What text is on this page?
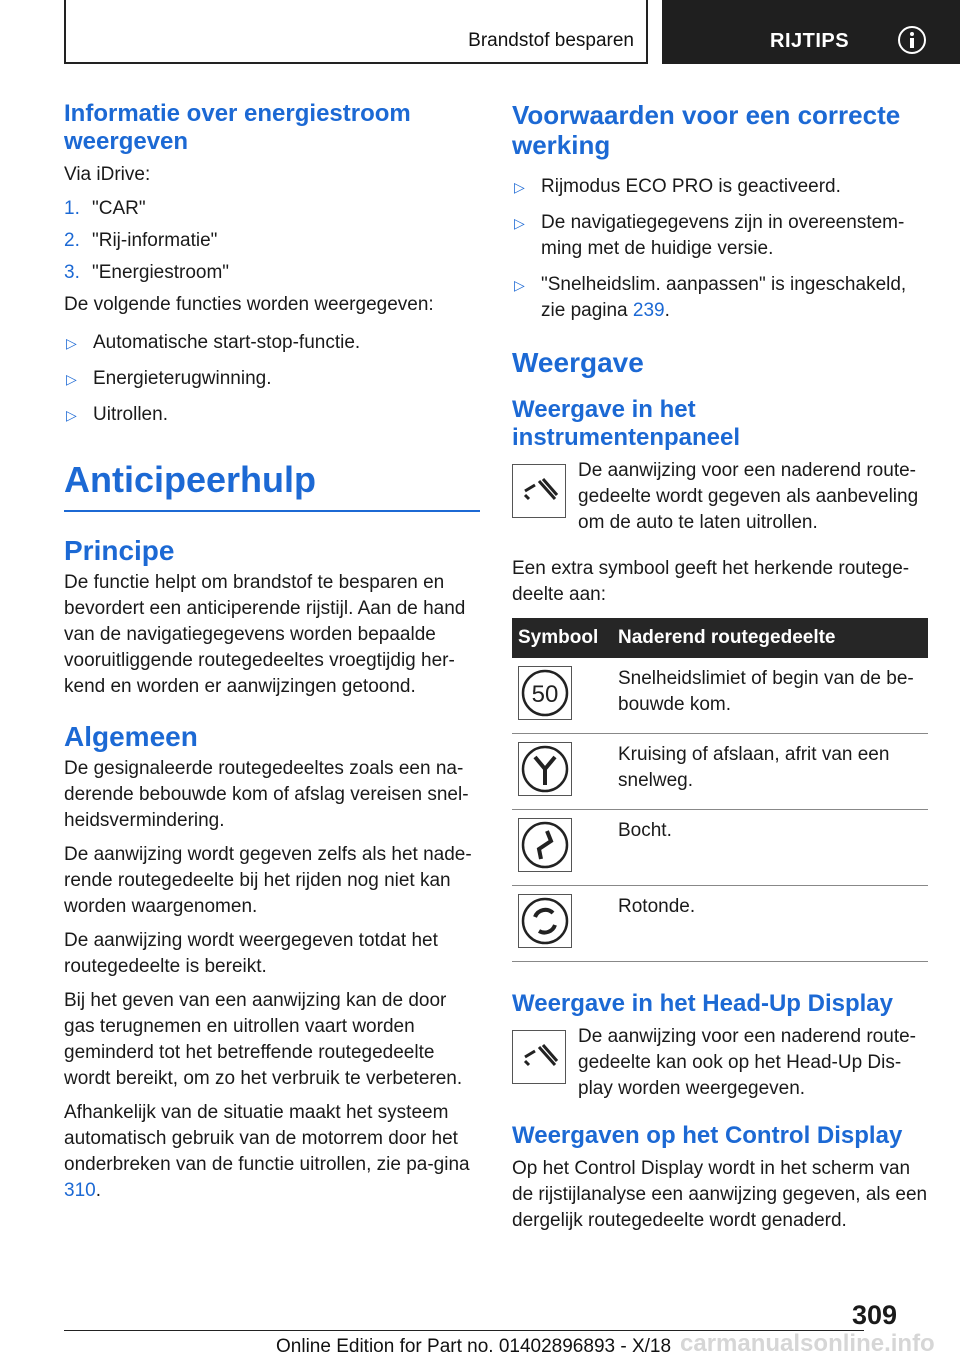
Brandstof besparen	RIJTIPS
Informatie over energiestroom weergeven

Via iDrive:

1. "CAR"
2. "Rij-informatie"
3. "Energiestroom"

De volgende functies worden weergegeven:

▷ Automatische start-stop-functie.
▷ Energieterugwinning.
▷ Uitrollen.
Anticipeerhulp
Principe

De functie helpt om brandstof te besparen en bevordert een anticiperende rijstijl. Aan de hand van de navigatiegegevens worden bepaalde vooruitliggende routegedeeltes vroegtijdig her-kend en worden er aanwijzingen getoond.

Algemeen

De gesignaleerde routegedeeltes zoals een na-derende bebouwde kom of afslag vereisen snel-heidsvermindering.

De aanwijzing wordt gegeven zelfs als het nade-rende routegedeelte bij het rijden nog niet kan worden waargenomen.

De aanwijzing wordt weergegeven totdat het routegedeelte is bereikt.

Bij het geven van een aanwijzing kan de door gas terugnemen en uitrollen vaart worden geminderd tot het betreffende routegedeelte wordt bereikt, om zo het verbruik te verbeteren.

Afhankelijk van de situatie maakt het systeem automatisch gebruik van de motorrem door het onderbreken van de functie uitrollen, zie pa-gina 310.

Voorwaarden voor een correcte werking
▷ Rijmodus ECO PRO is geactiveerd.
▷ De navigatiegegevens zijn in overeenstem-ming met de huidige versie.
▷ "Snelheidslim. aanpassen" is ingeschakeld, zie pagina 239.
Weergave
Weergave in het instrumentenpaneel

De aanwijzing voor een naderend route-gedeelte wordt gegeven als aanbeveling om de auto te laten uitrollen.

Een extra symbool geeft het herkende routege-deelte aan:

Symbool	Naderend routegedeelte

50	Snelheidslimiet of begin van de be-bouwde kom.

	Kruising of afslaan, afrit van een snelweg.

	Bocht.

	Rotonde.
Weergave in het Head-Up Display

De aanwijzing voor een naderend route-gedeelte kan ook op het Head-Up Dis-play worden weergegeven.

Weergaven op het Control Display

Op het Control Display wordt in het scherm van de rijstijlanalyse een aanwijzing gegeven, als een dergelijk routegedeelte wordt genaderd.

309
Online Edition for Part no. 01402896893 - X/18 carmanualsonline.info
